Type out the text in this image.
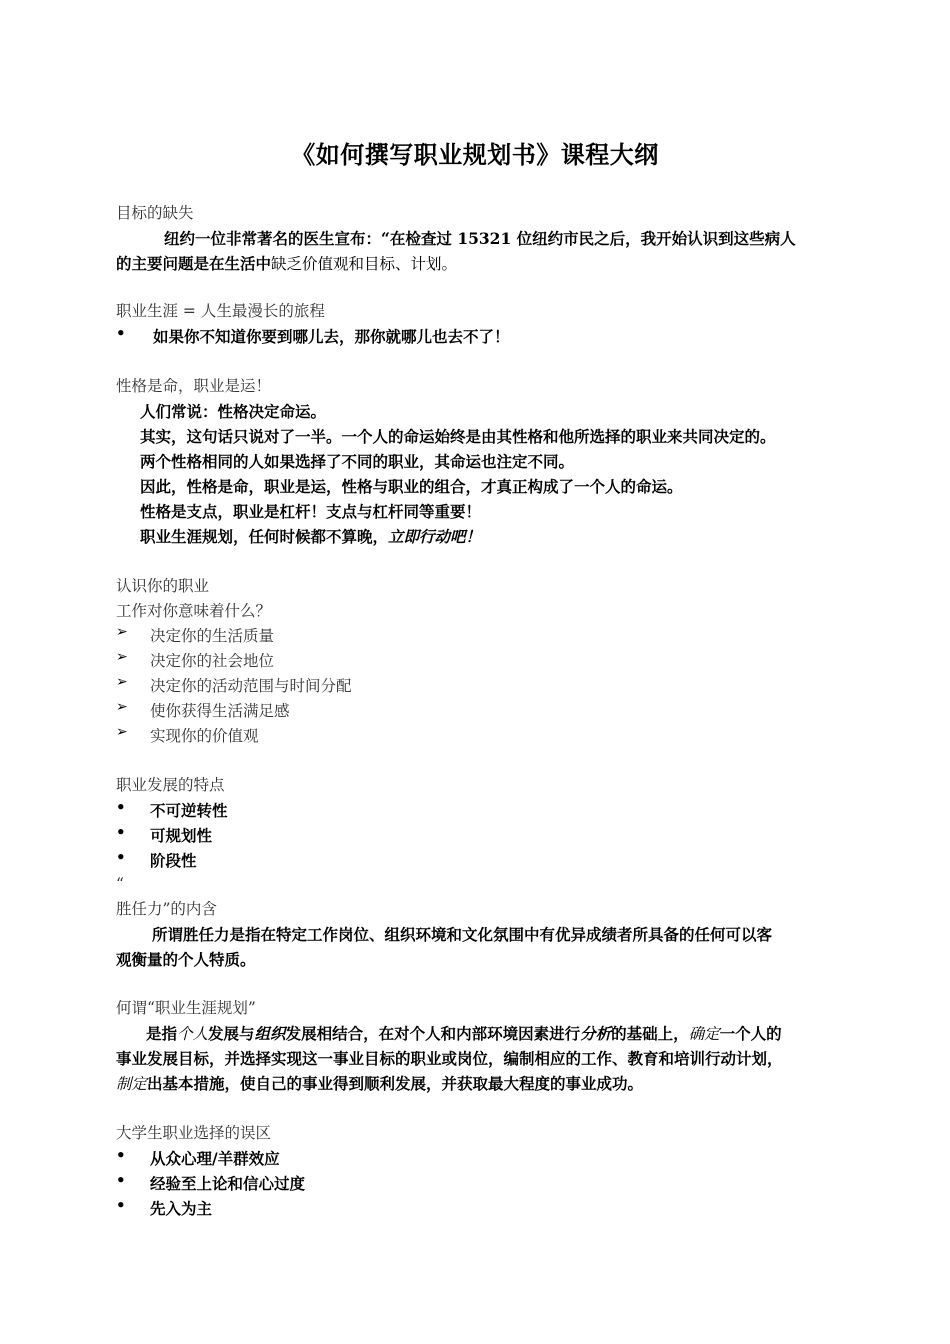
《如何撰写职业规划书》课程大纲
目标的缺失
纽约一位非常著名的医生宣布：“在检查过 15321 位纽约市民之后，我开始认识到这些病人
的主要问题是在生活中缺乏价值观和目标、计划。
职业生涯 = 人生最漫长的旅程
• 如果你不知道你要到哪儿去，那你就哪儿也去不了！
性格是命，职业是运！
人们常说：性格决定命运。
其实，这句话只说对了一半。一个人的命运始终是由其性格和他所选择的职业来共同决定的。
两个性格相同的人如果选择了不同的职业，其命运也注定不同。
因此，性格是命，职业是运，性格与职业的组合，才真正构成了一个人的命运。
性格是支点，职业是杠杆！支点与杠杆同等重要！
职业生涯规划，任何时候都不算晚，立即行动吧！
认识你的职业
工作对你意味着什么？
➢ 决定你的生活质量
➢ 决定你的社会地位
➢ 决定你的活动范围与时间分配
➢ 使你获得生活满足感
➢ 实现你的价值观
职业发展的特点
• 不可逆转性
• 可规划性
• 阶段性
“
胜任力”的内含
所谓胜任力是指在特定工作岗位、组织环境和文化氛围中有优异成绩者所具备的任何可以客
观衡量的个人特质。
何谓“职业生涯规划”
是指个人发展与组织发展相结合，在对个人和内部环境因素进行分析的基础上，确定一个人的
事业发展目标，并选择实现这一事业目标的职业或岗位，编制相应的工作、教育和培训行动计划，
制定出基本措施，使自己的事业得到顺利发展，并获取最大程度的事业成功。
大学生职业选择的误区
• 从众心理/羊群效应
• 经验至上论和信心过度
• 先入为主
